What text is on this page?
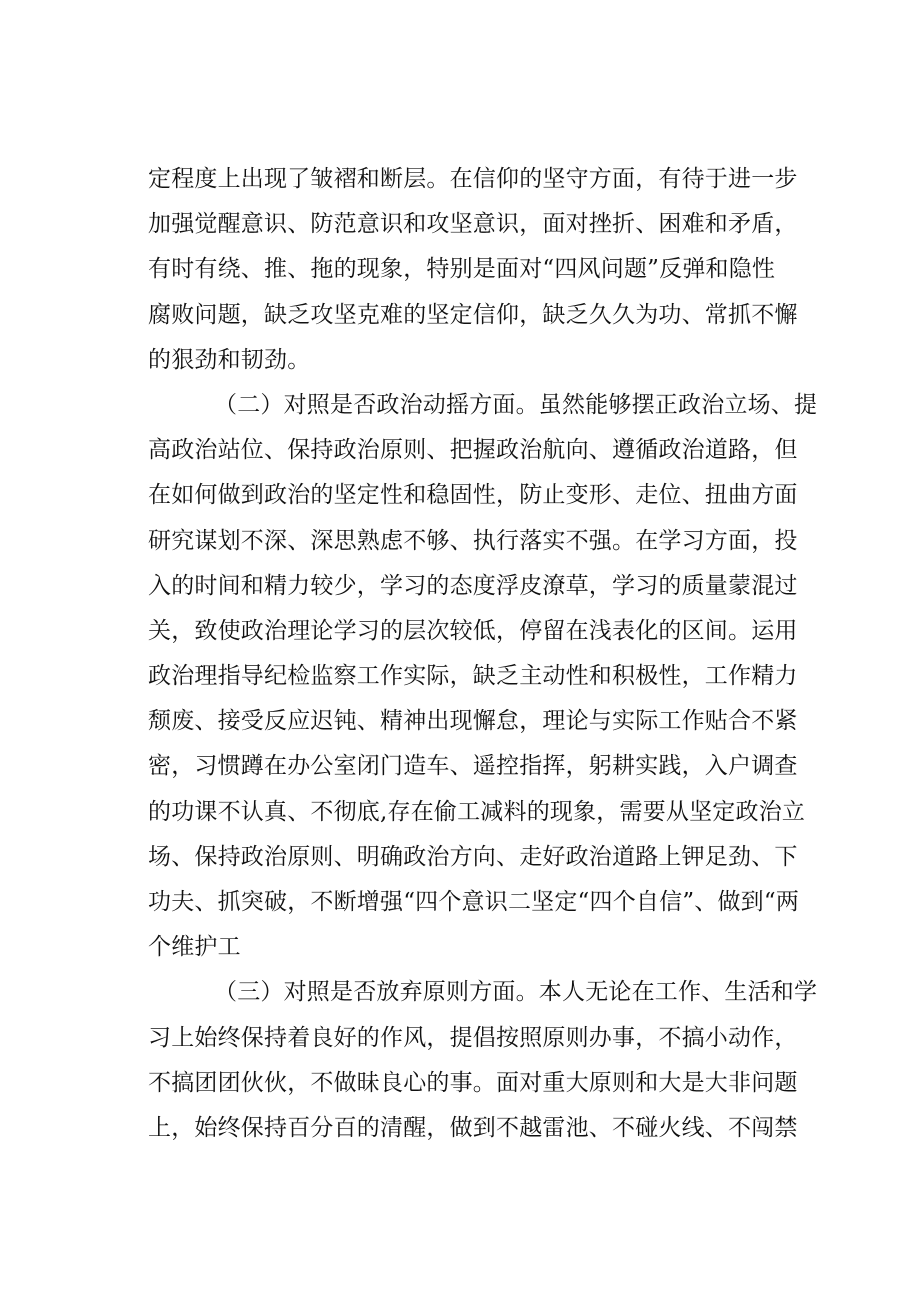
定程度上出现了皱褶和断层。在信仰的坚守方面，有待于进一步
加强觉醒意识、防范意识和攻坚意识，面对挫折、困难和矛盾，
有时有绕、推、拖的现象，特别是面对“四风问题”反弹和隐性
腐败问题，缺乏攻坚克难的坚定信仰，缺乏久久为功、常抓不懈
的狠劲和韧劲。
（二）对照是否政治动摇方面。虽然能够摆正政治立场、提
高政治站位、保持政治原则、把握政治航向、遵循政治道路，但
在如何做到政治的坚定性和稳固性，防止变形、走位、扭曲方面
研究谋划不深、深思熟虑不够、执行落实不强。在学习方面，投
入的时间和精力较少，学习的态度浮皮潦草，学习的质量蒙混过
关，致使政治理论学习的层次较低，停留在浅表化的区间。运用
政治理指导纪检监察工作实际，缺乏主动性和积极性，工作精力
颓废、接受反应迟钝、精神出现懈怠，理论与实际工作贴合不紧
密，习惯蹲在办公室闭门造车、遥控指挥，躬耕实践，入户调查
的功课不认真、不彻底,存在偷工减料的现象，需要从坚定政治立
场、保持政治原则、明确政治方向、走好政治道路上钾足劲、下
功夫、抓突破，不断增强“四个意识二坚定“四个自信”、做到“两
个维护工
（三）对照是否放弃原则方面。本人无论在工作、生活和学
习上始终保持着良好的作风，提倡按照原则办事，不搞小动作，
不搞团团伙伙，不做昧良心的事。面对重大原则和大是大非问题
上，始终保持百分百的清醒，做到不越雷池、不碰火线、不闯禁
